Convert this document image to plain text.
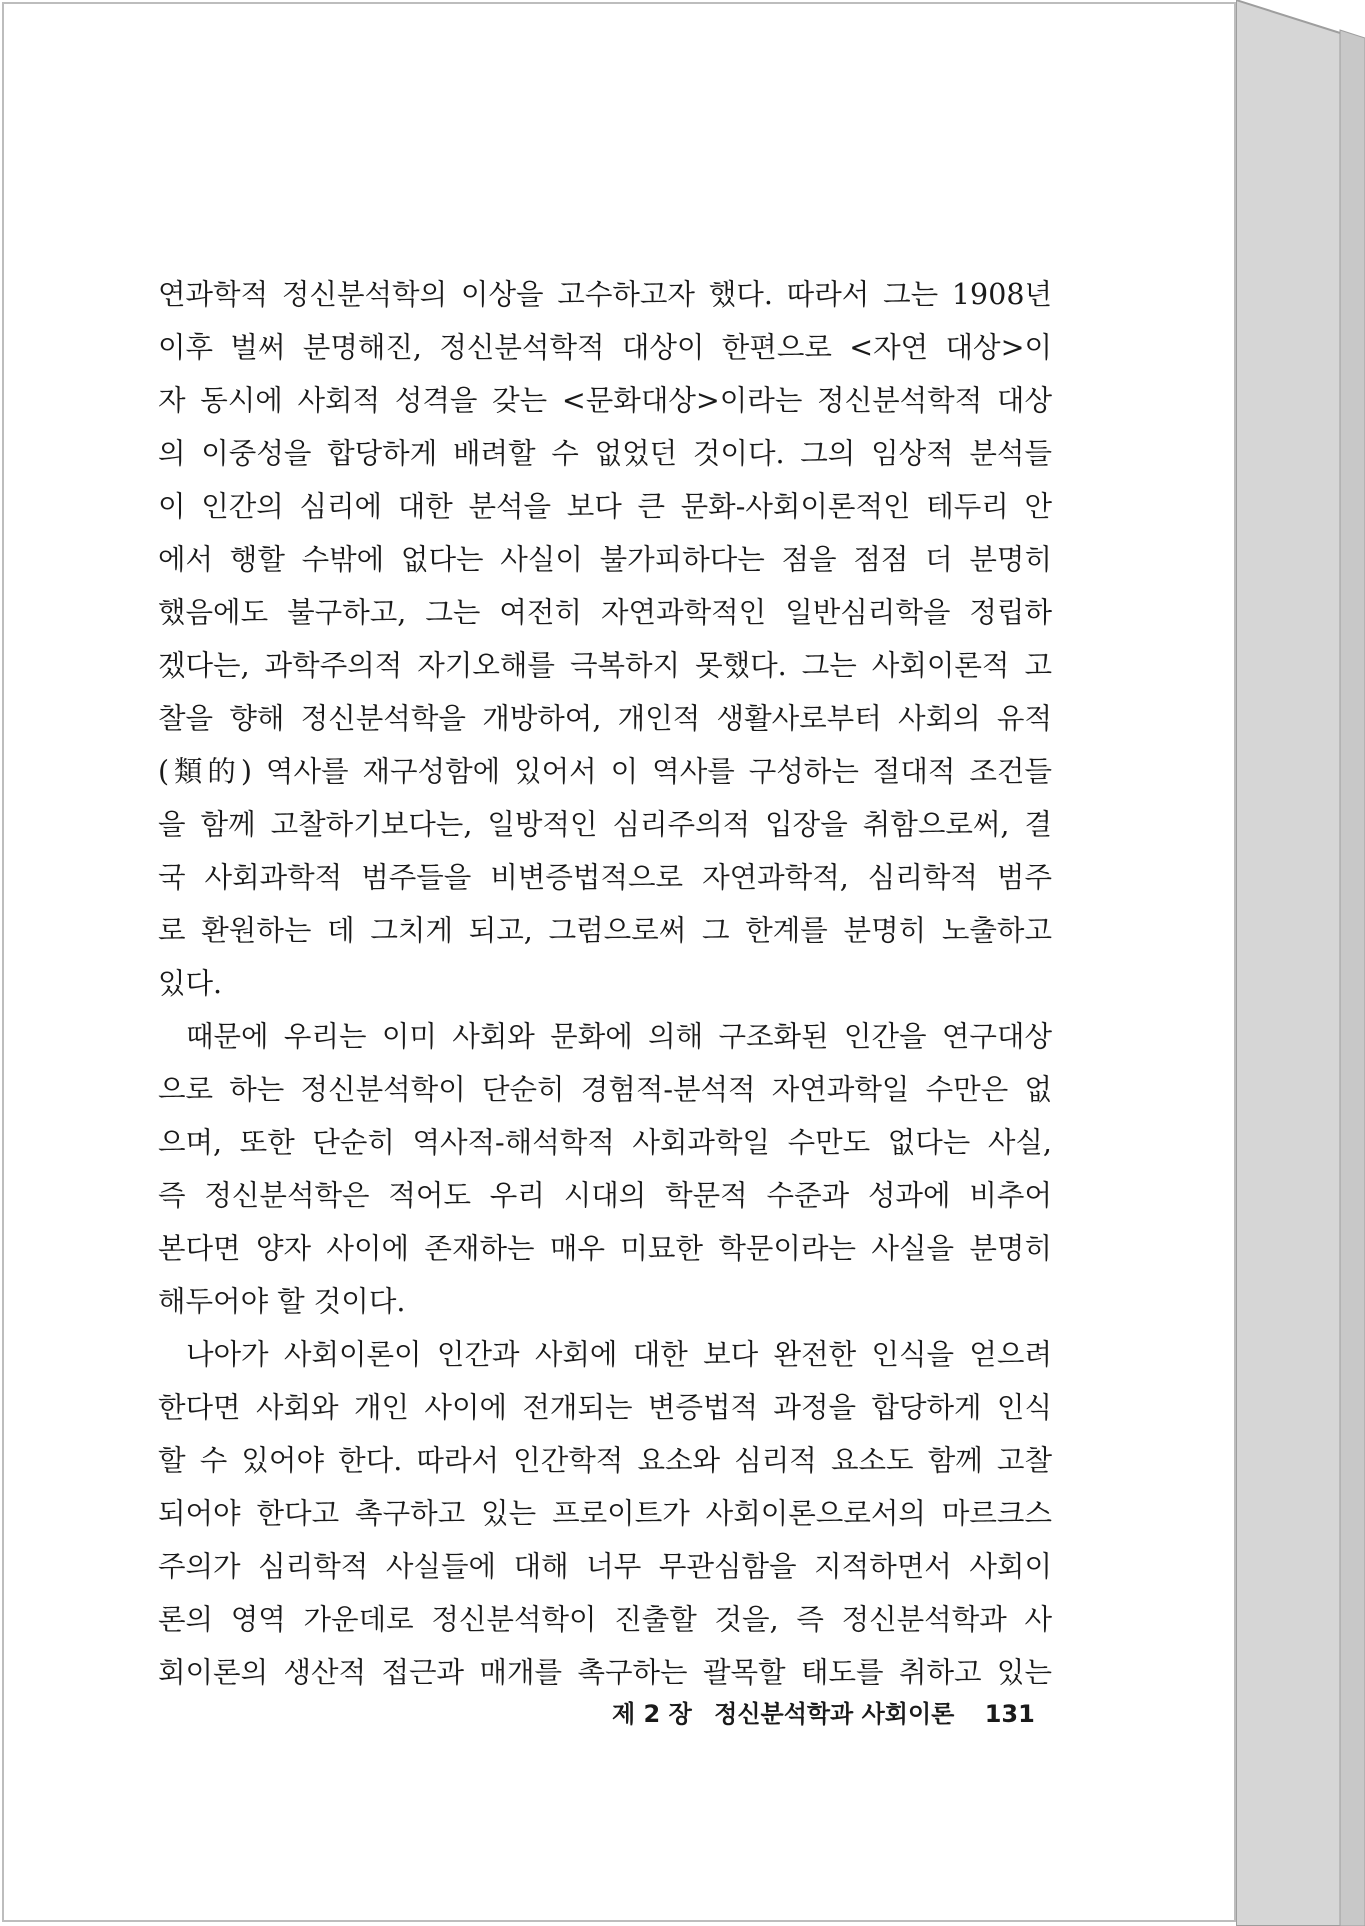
연과학적 정신분석학의 이상을 고수하고자 했다. 따라서 그는 1908년
이후 벌써 분명해진, 정신분석학적 대상이 한편으로 <자연 대상>이
자 동시에 사회적 성격을 갖는 <문화대상>이라는 정신분석학적 대상
의 이중성을 합당하게 배려할 수 없었던 것이다. 그의 임상적 분석들
이 인간의 심리에 대한 분석을 보다 큰 문화-사회이론적인 테두리 안
에서 행할 수밖에 없다는 사실이 불가피하다는 점을 점점 더 분명히
했음에도 불구하고, 그는 여전히 자연과학적인 일반심리학을 정립하
겠다는, 과학주의적 자기오해를 극복하지 못했다. 그는 사회이론적 고
찰을 향해 정신분석학을 개방하여, 개인적 생활사로부터 사회의 유적
(類的) 역사를 재구성함에 있어서 이 역사를 구성하는 절대적 조건들
을 함께 고찰하기보다는, 일방적인 심리주의적 입장을 취함으로써, 결
국 사회과학적 범주들을 비변증법적으로 자연과학적, 심리학적 범주
로 환원하는 데 그치게 되고, 그럼으로써 그 한계를 분명히 노출하고
있다.
때문에 우리는 이미 사회와 문화에 의해 구조화된 인간을 연구대상
으로 하는 정신분석학이 단순히 경험적-분석적 자연과학일 수만은 없
으며, 또한 단순히 역사적-해석학적 사회과학일 수만도 없다는 사실,
즉 정신분석학은 적어도 우리 시대의 학문적 수준과 성과에 비추어
본다면 양자 사이에 존재하는 매우 미묘한 학문이라는 사실을 분명히
해두어야 할 것이다.
나아가 사회이론이 인간과 사회에 대한 보다 완전한 인식을 얻으려
한다면 사회와 개인 사이에 전개되는 변증법적 과정을 합당하게 인식
할 수 있어야 한다. 따라서 인간학적 요소와 심리적 요소도 함께 고찰
되어야 한다고 촉구하고 있는 프로이트가 사회이론으로서의 마르크스
주의가 심리학적 사실들에 대해 너무 무관심함을 지적하면서 사회이
론의 영역 가운데로 정신분석학이 진출할 것을, 즉 정신분석학과 사
회이론의 생산적 접근과 매개를 촉구하는 괄목할 태도를 취하고 있는
제 2 장 정신분석학과 사회이론 131
